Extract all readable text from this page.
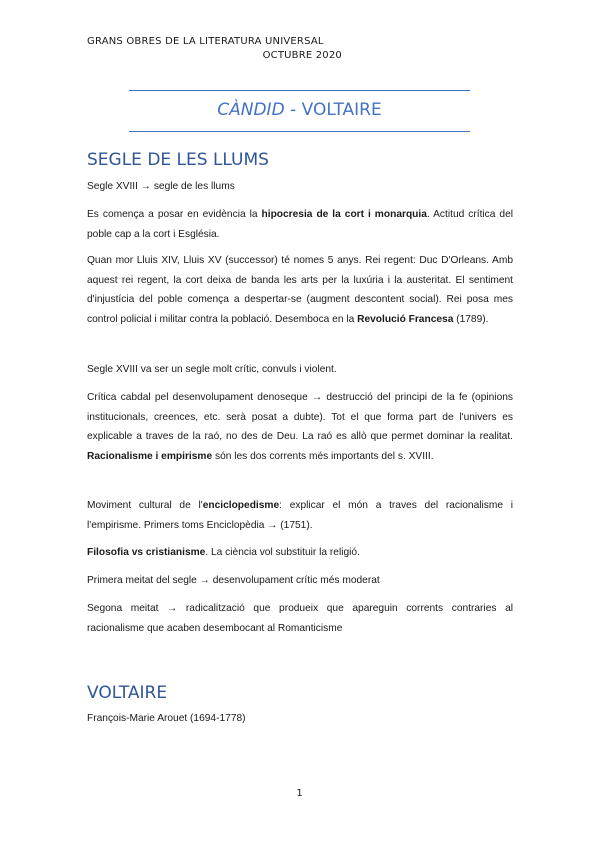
GRANS OBRES DE LA LITERATURA UNIVERSAL
OCTUBRE 2020
CÀNDID - VOLTAIRE
SEGLE DE LES LLUMS

Segle XVIII → segle de les llums

Es comença a posar en evidència la hipocresia de la cort i monarquia. Actitud crítica del poble cap a la cort i Església.

Quan mor Lluis XIV, Lluis XV (successor) té nomes 5 anys. Rei regent: Duc D'Orleans. Amb aquest rei regent, la cort deixa de banda les arts per la luxúria i la austeritat. El sentiment d'injustícia del poble comença a despertar-se (augment descontent social). Rei posa mes control policial i militar contra la població. Desemboca en la Revolució Francesa (1789).

Segle XVIII va ser un segle molt crític, convuls i violent.

Crítica cabdal pel desenvolupament denoseque → destrucció del principi de la fe (opinions institucionals, creences, etc. serà posat a dubte). Tot el que forma part de l'univers es explicable a traves de la raó, no des de Deu. La raó es allò que permet dominar la realitat. Racionalisme i empirisme són les dos corrents més importants del s. XVIII.

Moviment cultural de l'enciclopedisme: explicar el món a traves del racionalisme i l'empirisme. Primers toms Enciclopèdia → (1751).

Filosofia vs cristianisme. La ciència vol substituir la religió.

Primera meitat del segle → desenvolupament crític més moderat

Segona meitat → radicalització que produeix que apareguin corrents contraries al racionalisme que acaben desembocant al Romanticisme

VOLTAIRE

François-Marie Arouet (1694-1778)

1
